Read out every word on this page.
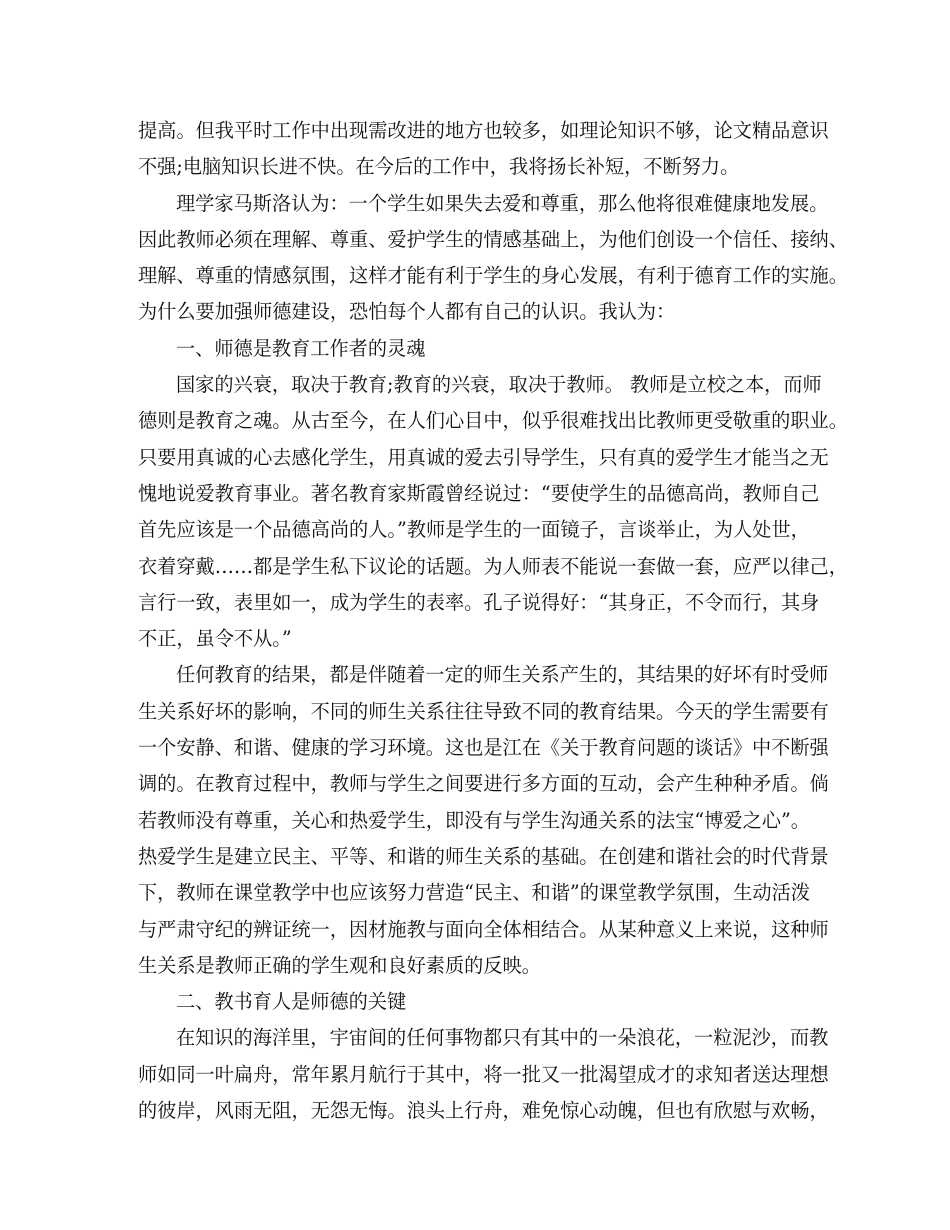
提高。但我平时工作中出现需改进的地方也较多，如理论知识不够，论文精品意识
不强;电脑知识长进不快。在今后的工作中，我将扬长补短，不断努力。
理学家马斯洛认为：一个学生如果失去爱和尊重，那么他将很难健康地发展。
因此教师必须在理解、尊重、爱护学生的情感基础上，为他们创设一个信任、接纳、
理解、尊重的情感氛围，这样才能有利于学生的身心发展，有利于德育工作的实施。
为什么要加强师德建设，恐怕每个人都有自己的认识。我认为：
一、师德是教育工作者的灵魂
国家的兴衰，取决于教育;教育的兴衰，取决于教师。 教师是立校之本，而师
德则是教育之魂。从古至今，在人们心目中，似乎很难找出比教师更受敬重的职业。
只要用真诚的心去感化学生，用真诚的爱去引导学生，只有真的爱学生才能当之无
愧地说爱教育事业。著名教育家斯霞曾经说过：“要使学生的品德高尚，教师自己
首先应该是一个品德高尚的人。”教师是学生的一面镜子，言谈举止，为人处世，
衣着穿戴……都是学生私下议论的话题。为人师表不能说一套做一套，应严以律己，
言行一致，表里如一，成为学生的表率。孔子说得好：“其身正，不令而行，其身
不正，虽令不从。”
任何教育的结果，都是伴随着一定的师生关系产生的，其结果的好坏有时受师
生关系好坏的影响，不同的师生关系往往导致不同的教育结果。今天的学生需要有
一个安静、和谐、健康的学习环境。这也是江在《关于教育问题的谈话》中不断强
调的。在教育过程中，教师与学生之间要进行多方面的互动，会产生种种矛盾。倘
若教师没有尊重，关心和热爱学生，即没有与学生沟通关系的法宝“博爱之心”。
热爱学生是建立民主、平等、和谐的师生关系的基础。在创建和谐社会的时代背景
下，教师在课堂教学中也应该努力营造“民主、和谐”的课堂教学氛围，生动活泼
与严肃守纪的辨证统一，因材施教与面向全体相结合。从某种意义上来说，这种师
生关系是教师正确的学生观和良好素质的反映。
二、教书育人是师德的关键
在知识的海洋里，宇宙间的任何事物都只有其中的一朵浪花，一粒泥沙，而教
师如同一叶扁舟，常年累月航行于其中，将一批又一批渴望成才的求知者送达理想
的彼岸，风雨无阻，无怨无悔。浪头上行舟，难免惊心动魄，但也有欣慰与欢畅，
